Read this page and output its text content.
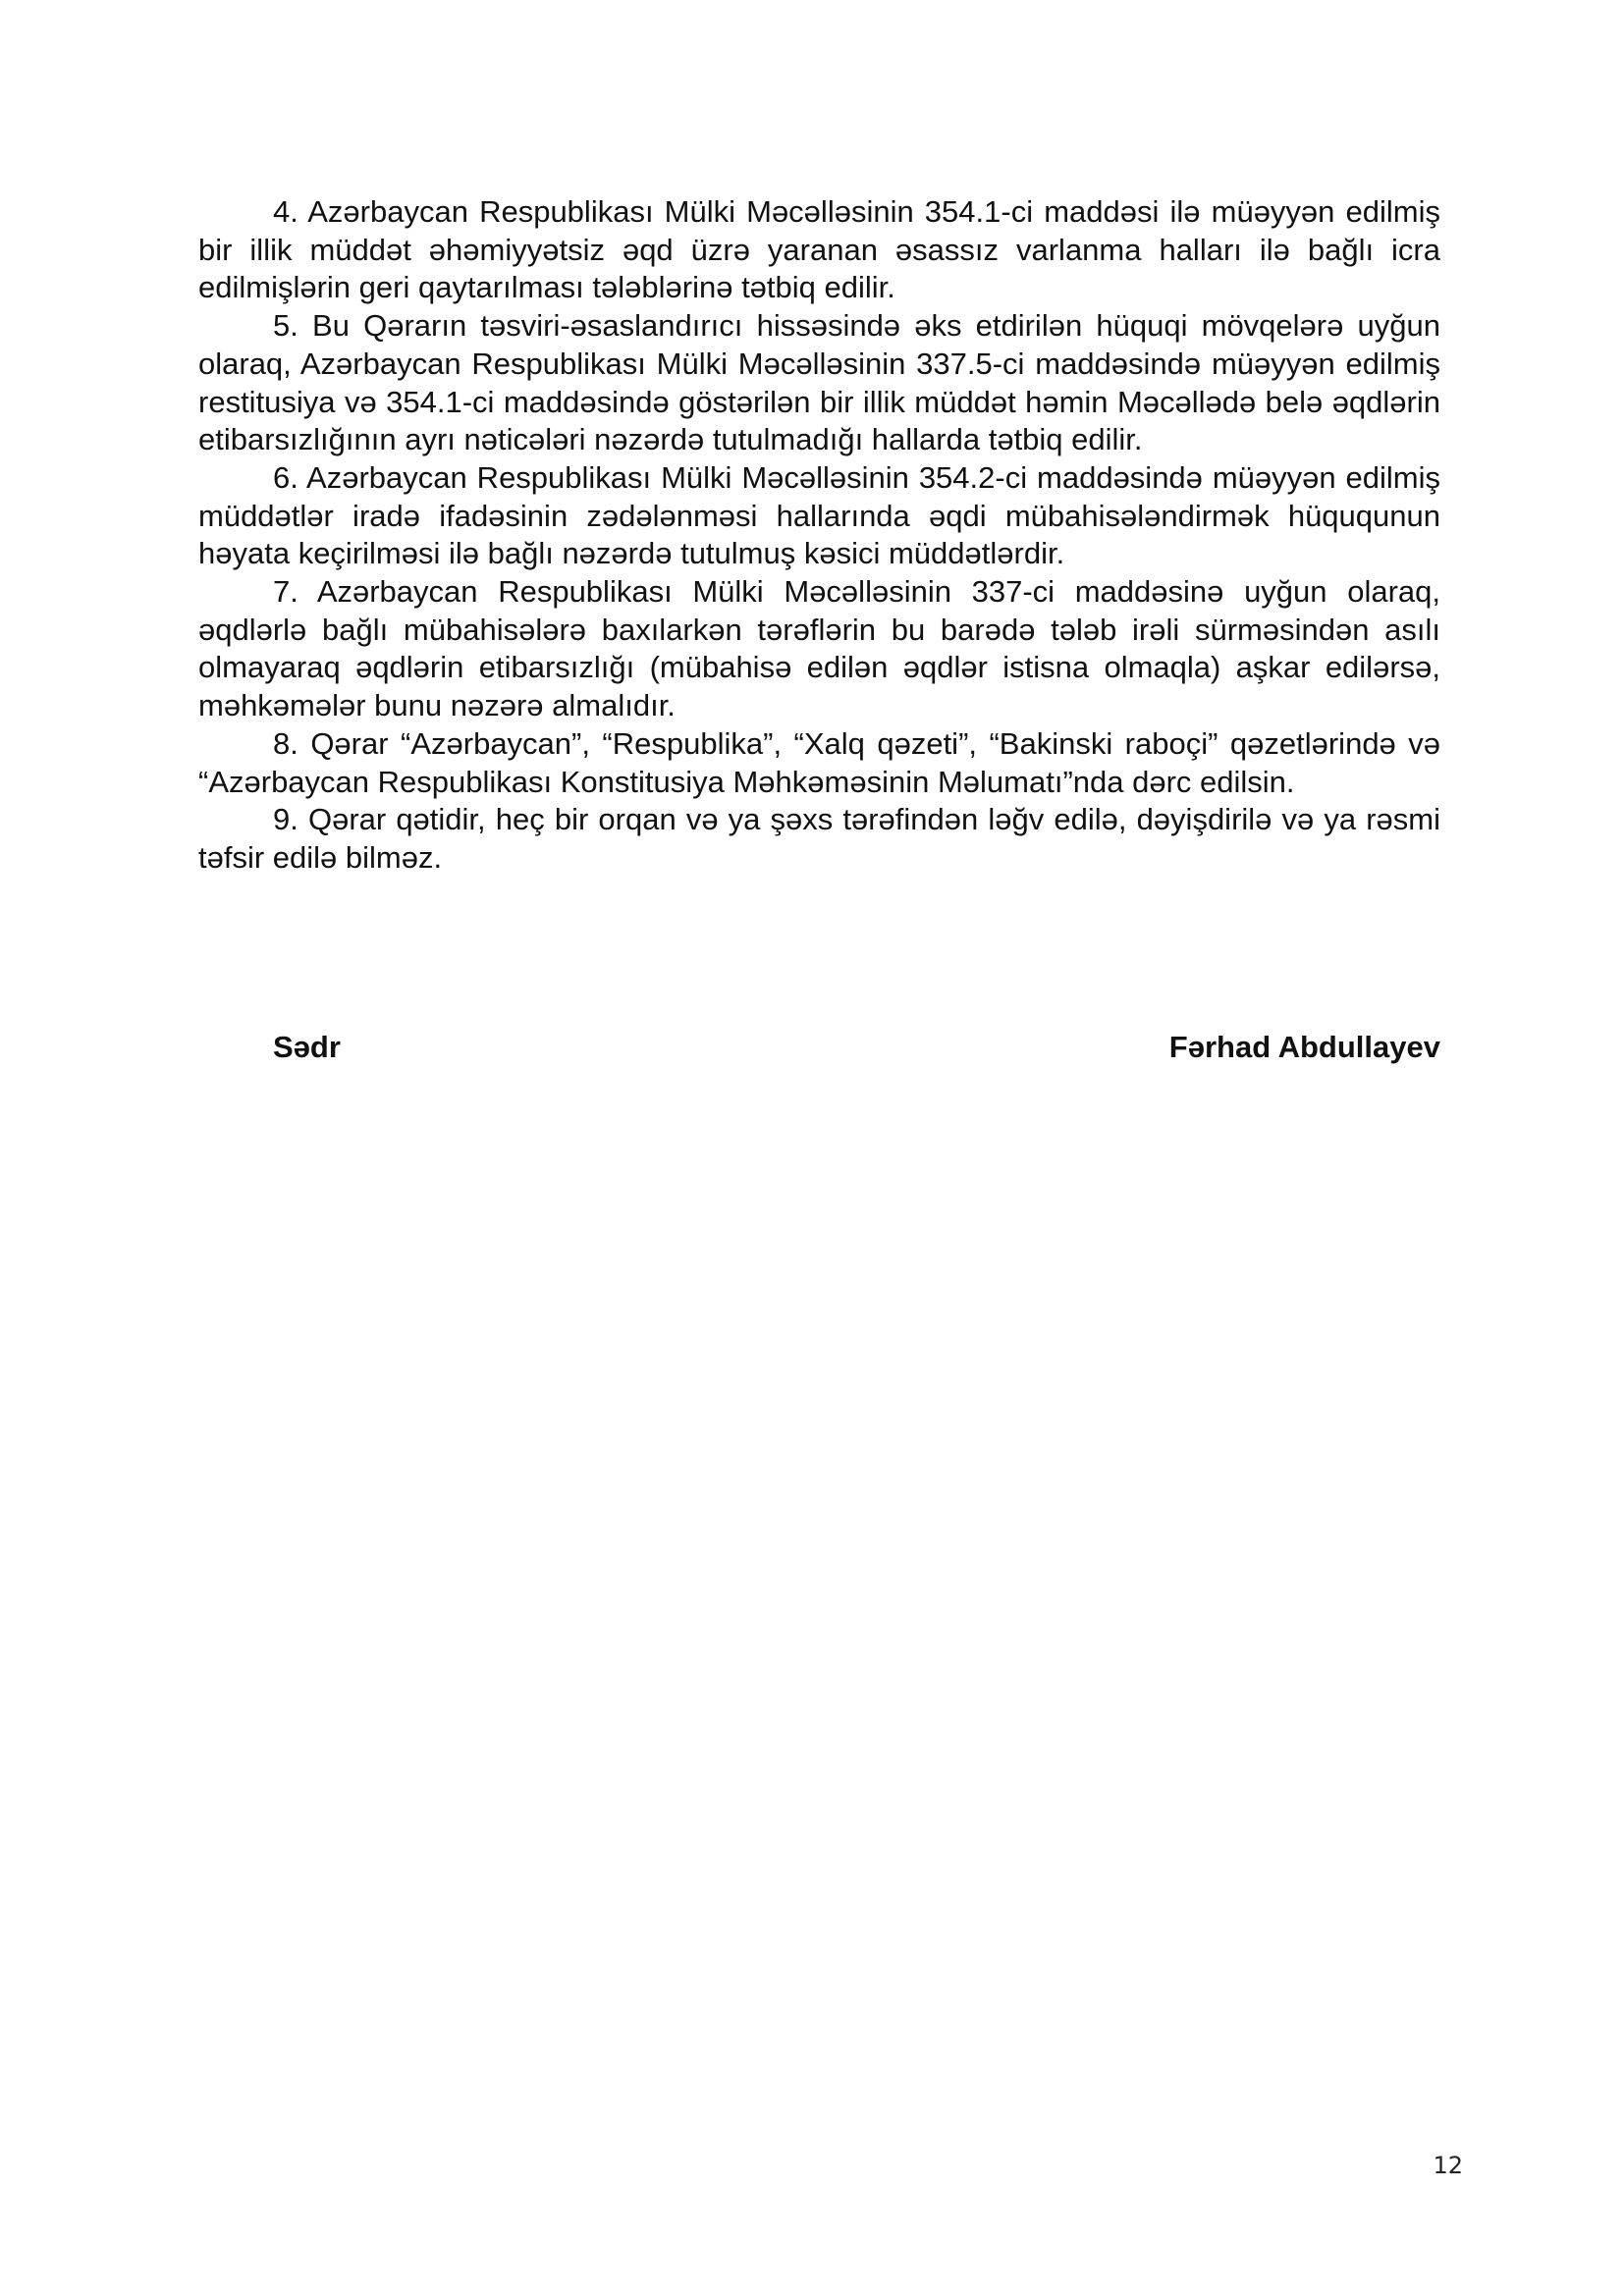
4. Azərbaycan Respublikası Mülki Məcəlləsinin 354.1-ci maddəsi ilə müəyyən edilmiş bir illik müddət əhəmiyyətsiz əqd üzrə yaranan əsassız varlanma halları ilə bağlı icra edilmişlərin geri qaytarılması tələblərinə tətbiq edilir.

5. Bu Qərarın təsviri-əsaslandırıcı hissəsində əks etdirilən hüquqi mövqelərə uyğun olaraq, Azərbaycan Respublikası Mülki Məcəlləsinin 337.5-ci maddəsində müəyyən edilmiş restitusiya və 354.1-ci maddəsində göstərilən bir illik müddət həmin Məcəllədə belə əqdlərin etibarsızlığının ayrı nəticələri nəzərdə tutulmadığı hallarda tətbiq edilir.

6. Azərbaycan Respublikası Mülki Məcəlləsinin 354.2-ci maddəsində müəyyən edilmiş müddətlər iradə ifadəsinin zədələnməsi hallarında əqdi mübahisələndirmək hüququnun həyata keçirilməsi ilə bağlı nəzərdə tutulmuş kəsici müddətlərdir.

7. Azərbaycan Respublikası Mülki Məcəlləsinin 337-ci maddəsinə uyğun olaraq, əqdlərlə bağlı mübahisələrə baxılarkən tərəflərin bu barədə tələb irəli sürməsindən asılı olmayaraq əqdlərin etibarsızlığı (mübahisə edilən əqdlər istisna olmaqla) aşkar edilərsə, məhkəmələr bunu nəzərə almalıdır.

8. Qərar “Azərbaycan”, “Respublika”, “Xalq qəzeti”, “Bakinski raboçi” qəzetlərində və “Azərbaycan Respublikası Konstitusiya Məhkəməsinin Məlumatı”nda dərc edilsin.

9. Qərar qətidir, heç bir orqan və ya şəxs tərəfindən ləğv edilə, dəyişdirilə və ya rəsmi təfsir edilə bilməz.

Sədr	Fərhad Abdullayev
12
